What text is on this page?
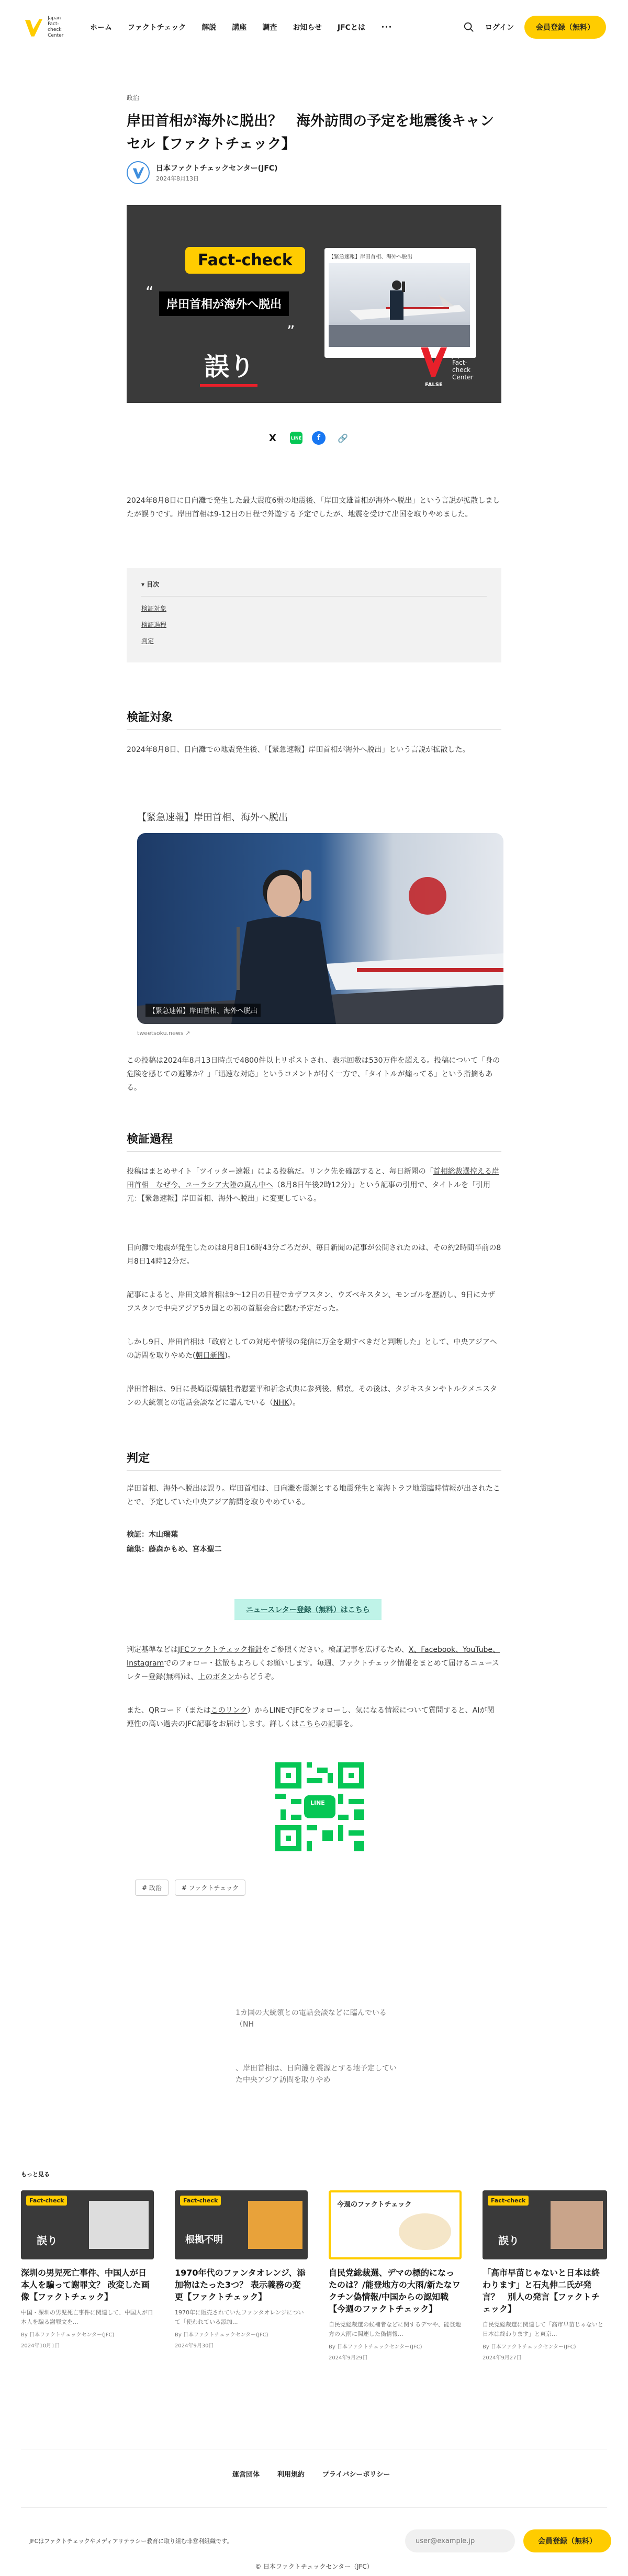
Japan
Fact-check
Center
ホーム ファクトチェック 解説 講座 調査 お知らせ JFCとは ･･･	ログイン	会員登録（無料）
政治
岸田首相が海外に脱出？　海外訪問の予定を地震後キャンセル【ファクトチェック】
日本ファクトチェックセンター(JFC)
2024年8月13日
Fact-check
“
岸田首相が海外へ脱出
”
誤り
【緊急速報】岸田首相、海外へ脱出
Japan
Fact-check
Center
FALSE
X	LINE	f	🔗
2024年8月8日に日向灘で発生した最大震度6弱の地震後、「岸田文雄首相が海外へ脱出」という言説が拡散しましたが誤りです。岸田首相は9-12日の日程で外遊する予定でしたが、地震を受けて出国を取りやめました。
▾ 目次
検証対象
検証過程
判定
検証対象
2024年8月8日、日向灘での地震発生後、「【緊急速報】岸田首相が海外へ脱出」という言説が拡散した。
【緊急速報】岸田首相、海外へ脱出
【緊急速報】岸田首相、海外へ脱出
tweetsoku.news ↗
この投稿は2024年8月13日時点で4800件以上リポストされ、表示回数は530万件を超える。投稿について「身の危険を感じての避難か？」「迅速な対応」というコメントが付く一方で、「タイトルが煽ってる」という指摘もある。
検証過程
投稿はまとめサイト「ツイッター速報」による投稿だ。リンク先を確認すると、毎日新聞の「首相総裁選控える岸田首相　なぜ今、ユーラシア大陸の真ん中へ（8月8日午後2時12分）」という記事の引用で、タイトルを「引用元：【緊急速報】岸田首相、海外へ脱出」に変更している。
日向灘で地震が発生したのは8月8日16時43分ごろだが、毎日新聞の記事が公開されたのは、その約2時間半前の8月8日14時12分だ。
記事によると、岸田文雄首相は9〜12日の日程でカザフスタン、ウズベキスタン、モンゴルを歴訪し、9日にカザフスタンで中央アジア5カ国との初の首脳会合に臨む予定だった。
しかし9日、岸田首相は「政府としての対応や情報の発信に万全を期すべきだと判断した」として、中央アジアへの訪問を取りやめた(朝日新聞)。
岸田首相は、9日に長崎原爆犠牲者慰霊平和祈念式典に参列後、帰京。その後は、タジキスタンやトルクメニスタンの大統領との電話会談などに臨んでいる（NHK）。
判定
岸田首相、海外へ脱出は誤り。岸田首相は、日向灘を震源とする地震発生と南海トラフ地震臨時情報が出されたことで、予定していた中央アジア訪問を取りやめている。
検証：木山瑞葉
編集：藤森かもめ、宮本聖二
ニュースレター登録（無料）はこちら
判定基準などはJFCファクトチェック指針をご参照ください。検証記事を広げるため、X、Facebook、YouTube、Instagramでのフォロー・拡散もよろしくお願いします。毎週、ファクトチェック情報をまとめて届けるニュースレター登録(無料)は、上のボタンからどうぞ。
また、QRコード（またはこのリンク）からLINEでJFCをフォローし、気になる情報について質問すると、AIが関連性の高い過去のJFC記事をお届けします。詳しくはこちらの記事を。
LINE
# 政治	# ファクトチェック
1カ国の大統領との電話会談などに臨んでいる（NH
、岸田首相は、日向灘を震源とする地予定していた中央アジア訪問を取りやめ
もっと見る
Fact-check
誤り
深圳の男児死亡事件、中国人が日本人を騙って謝罪文？ 改変した画像【ファクトチェック】
中国・深圳の男児死亡事件に関連して、中国人が日本人を騙る謝罪文を...
By 日本ファクトチェックセンター(JFC)
2024年10月1日
Fact-check
根拠不明
1970年代のファンタオレンジ、添加物はたった3つ？ 表示義務の変更【ファクトチェック】
1970年に販売されていたファンタオレンジについて「使われている添加...
By 日本ファクトチェックセンター(JFC)
2024年9月30日
今週のファクトチェック
自民党総裁選、デマの標的になったのは？/能登地方の大雨/新たなワクチン偽情報/中国からの認知戦【今週のファクトチェック】
自民党総裁選の候補者などに関するデマや、能登地方の大雨に関連した偽情報...
By 日本ファクトチェックセンター(JFC)
2024年9月29日
Fact-check
誤り
「高市早苗じゃないと日本は終わります」と石丸伸二氏が発言？　別人の発言【ファクトチェック】
自民党総裁選に関連して「高市早苗じゃないと日本は終わります」と東京...
By 日本ファクトチェックセンター(JFC)
2024年9月27日
運営団体	利用規約	プライバシーポリシー
JFCはファクトチェックやメディアリテラシー教育に取り組む非営利組織です。
user@example.jp	会員登録（無料）
© 日本ファクトチェックセンター（JFC）
